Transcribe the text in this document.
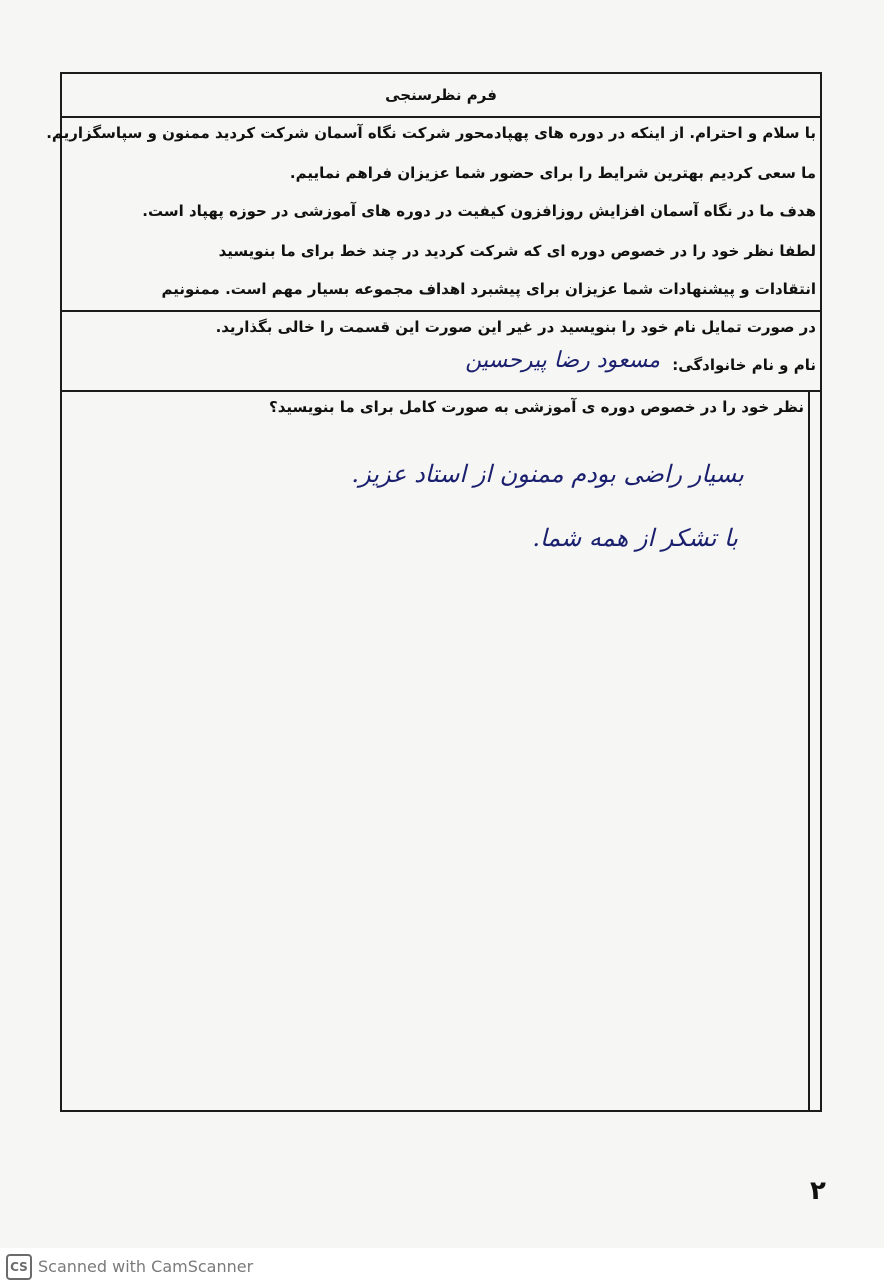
فرم نظرسنجی
با سلام و احترام. از اینکه در دوره های پهپادمحور شرکت نگاه آسمان شرکت کردید ممنون و سپاسگزاریم.
ما سعی کردیم بهترین شرایط را برای حضور شما عزیزان فراهم نماییم.
هدف ما در نگاه آسمان افزایش روزافزون کیفیت در دوره های آموزشی در حوزه پهپاد است.
لطفا نظر خود را در خصوص دوره ای که شرکت کردید در چند خط برای ما بنویسید
انتقادات و پیشنهادات شما عزیزان برای پیشبرد اهداف مجموعه بسیار مهم است. ممنونیم
در صورت تمایل نام خود را بنویسید در غیر این صورت این قسمت را خالی بگذارید.
نام و نام خانوادگی:
مسعود رضا پیرحسین
نظر خود را در خصوص دوره ی آموزشی به صورت کامل برای ما بنویسید؟
بسیار راضی بودم ممنون از استاد عزیز.
با تشکر از همه شما.
۲
CS Scanned with CamScanner
